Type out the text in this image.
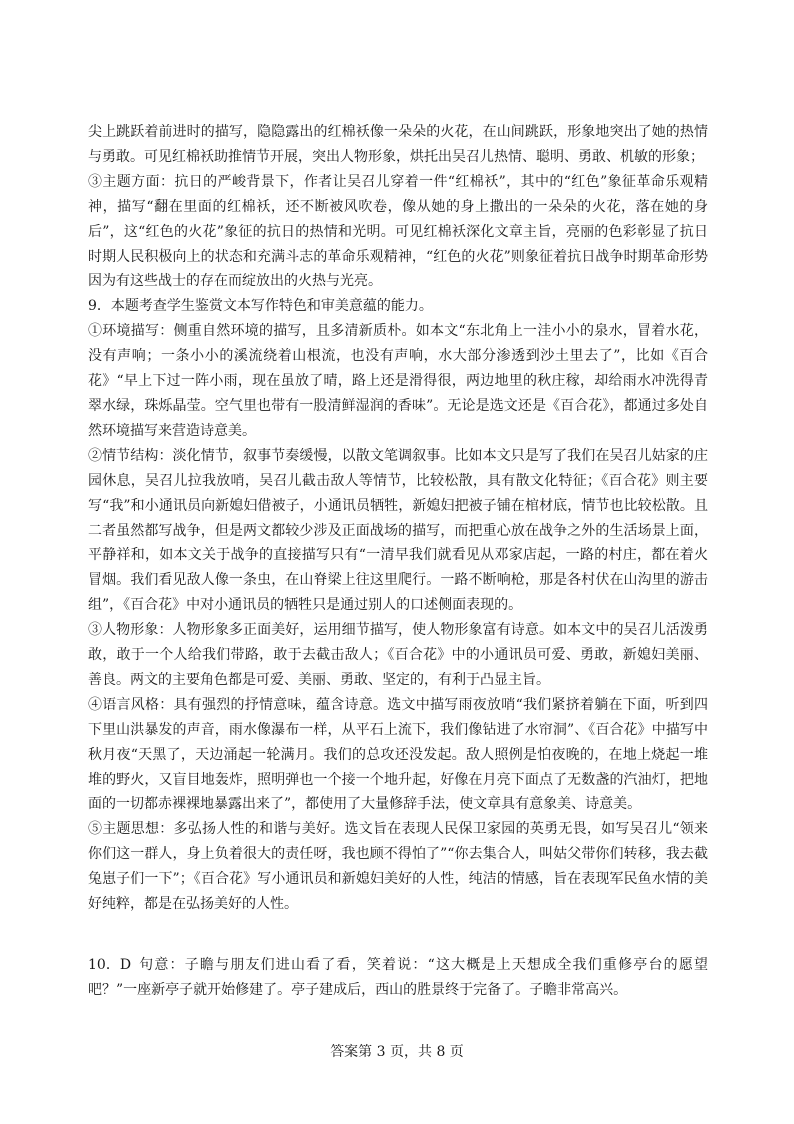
尖上跳跃着前进时的描写，隐隐露出的红棉袄像一朵朵的火花，在山间跳跃，形象地突出了她的热情与勇敢。可见红棉袄助推情节开展，突出人物形象，烘托出吴召儿热情、聪明、勇敢、机敏的形象；

③主题方面：抗日的严峻背景下，作者让吴召儿穿着一件“红棉袄”，其中的“红色”象征革命乐观精神，描写“翻在里面的红棉袄，还不断被风吹卷，像从她的身上撒出的一朵朵的火花，落在她的身后”，这“红色的火花”象征的抗日的热情和光明。可见红棉袄深化文章主旨，亮丽的色彩彰显了抗日时期人民积极向上的状态和充满斗志的革命乐观精神，“红色的火花”则象征着抗日战争时期革命形势因为有这些战士的存在而绽放出的火热与光亮。

9．本题考查学生鉴赏文本写作特色和审美意蕴的能力。

①环境描写：侧重自然环境的描写，且多清新质朴。如本文“东北角上一洼小小的泉水，冒着水花，没有声响；一条小小的溪流绕着山根流，也没有声响，水大部分渗透到沙土里去了”，比如《百合花》“早上下过一阵小雨，现在虽放了晴，路上还是滑得很，两边地里的秋庄稼，却给雨水冲洗得青翠水绿，珠烁晶莹。空气里也带有一股清鲜湿润的香味”。无论是选文还是《百合花》，都通过多处自然环境描写来营造诗意美。

②情节结构：淡化情节，叙事节奏缓慢，以散文笔调叙事。比如本文只是写了我们在吴召儿姑家的庄园休息，吴召儿拉我放哨，吴召儿截击敌人等情节，比较松散，具有散文化特征；《百合花》则主要写“我”和小通讯员向新媳妇借被子，小通讯员牺牲，新媳妇把被子铺在棺材底，情节也比较松散。且二者虽然都写战争，但是两文都较少涉及正面战场的描写，而把重心放在战争之外的生活场景上面，平静祥和，如本文关于战争的直接描写只有“一清早我们就看见从邓家店起，一路的村庄，都在着火冒烟。我们看见敌人像一条虫，在山脊梁上往这里爬行。一路不断响枪，那是各村伏在山沟里的游击组”，《百合花》中对小通讯员的牺牲只是通过别人的口述侧面表现的。

③人物形象：人物形象多正面美好，运用细节描写，使人物形象富有诗意。如本文中的吴召儿活泼勇敢，敢于一个人给我们带路，敢于去截击敌人；《百合花》中的小通讯员可爱、勇敢，新媳妇美丽、善良。两文的主要角色都是可爱、美丽、勇敢、坚定的，有利于凸显主旨。

④语言风格：具有强烈的抒情意味，蕴含诗意。选文中描写雨夜放哨“我们紧挤着躺在下面，听到四下里山洪暴发的声音，雨水像瀑布一样，从平石上流下，我们像钻进了水帘洞”、《百合花》中描写中秋月夜“天黑了，天边涌起一轮满月。我们的总攻还没发起。敌人照例是怕夜晚的，在地上烧起一堆堆的野火，又盲目地轰炸，照明弹也一个接一个地升起，好像在月亮下面点了无数盏的汽油灯，把地面的一切都赤裸裸地暴露出来了”，都使用了大量修辞手法，使文章具有意象美、诗意美。

⑤主题思想：多弘扬人性的和谐与美好。选文旨在表现人民保卫家园的英勇无畏，如写吴召儿“领来你们这一群人，身上负着很大的责任呀，我也顾不得怕了”“你去集合人，叫姑父带你们转移，我去截兔崽子们一下”；《百合花》写小通讯员和新媳妇美好的人性，纯洁的情感，旨在表现军民鱼水情的美好纯粹，都是在弘扬美好的人性。

10．D 句意：子瞻与朋友们进山看了看，笑着说：“这大概是上天想成全我们重修亭台的愿望吧？”一座新亭子就开始修建了。亭子建成后，西山的胜景终于完备了。子瞻非常高兴。

答案第 3 页，共 8 页
